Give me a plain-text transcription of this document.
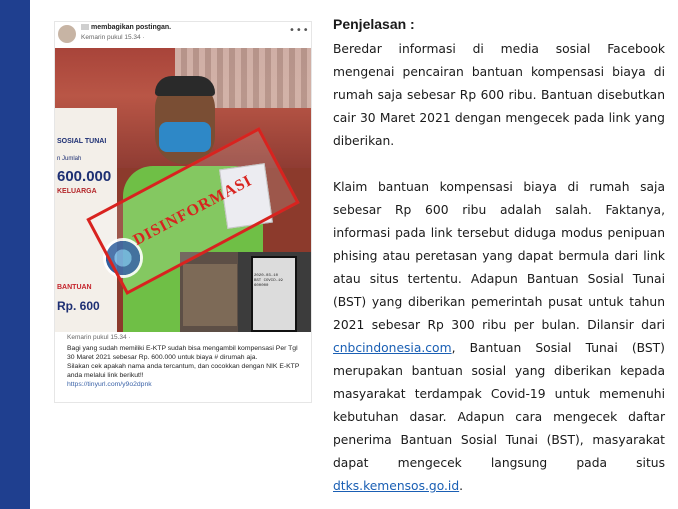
membagikan postingan.
Kemarin pukul 15.34 ·
•••
SOSIAL TUNAI
n Jumlah
600.000
KELUARGA
BANTUAN
Rp. 600
2020-03-10
BST COVID-19
600000

DISINFORMASI
Kemarin pukul 15.34 ·

Bagi yang sudah memiliki E-KTP sudah bisa mengambil kompensasi Per Tgl 30 Maret 2021 sebesar Rp. 600.000 untuk biaya # dirumah aja.

Silakan cek apakah nama anda tercantum, dan cocokkan dengan NIK E-KTP anda melalui link berikut!!

https://tinyurl.com/y9o2dpnk

Penjelasan :

Beredar informasi di media sosial Facebook mengenai pencairan bantuan kompensasi biaya di rumah saja sebesar Rp 600 ribu. Bantuan disebutkan cair 30 Maret 2021 dengan mengecek pada link yang diberikan.

Klaim bantuan kompensasi biaya di rumah saja sebesar Rp 600 ribu adalah salah. Faktanya, informasi pada link tersebut diduga modus penipuan phising atau peretasan yang dapat bermula dari link atau situs tertentu. Adapun Bantuan Sosial Tunai (BST) yang diberikan pemerintah pusat untuk tahun 2021 sebesar Rp 300 ribu per bulan. Dilansir dari cnbcindonesia.com, Bantuan Sosial Tunai (BST) merupakan bantuan sosial yang diberikan kepada masyarakat terdampak Covid-19 untuk memenuhi kebutuhan dasar. Adapun cara mengecek daftar penerima Bantuan Sosial Tunai (BST), masyarakat dapat mengecek langsung pada situs dtks.kemensos.go.id.
